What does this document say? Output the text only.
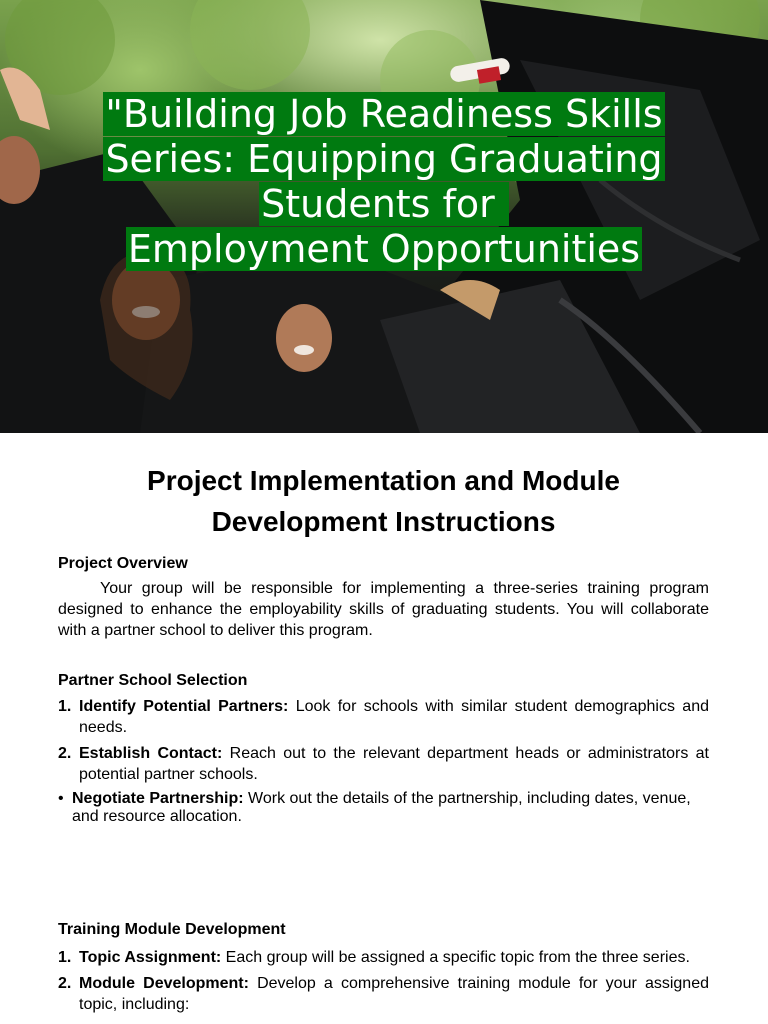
"Building Job Readiness Skills
Series: Equipping Graduating
Students for
Employment Opportunities
Project Implementation and Module
Development Instructions
Project Overview

Your group will be responsible for implementing a three-series training program designed to enhance the employability skills of graduating students. You will collaborate with a partner school to deliver this program.

Partner School Selection
1. Identify Potential Partners: Look for schools with similar student demographics and needs.
2. Establish Contact: Reach out to the relevant department heads or administrators at potential partner schools.
• Negotiate Partnership: Work out the details of the partnership, including dates, venue, and resource allocation.
Training Module Development
1. Topic Assignment: Each group will be assigned a specific topic from the three series.
2. Module Development: Develop a comprehensive training module for your assigned topic, including:
